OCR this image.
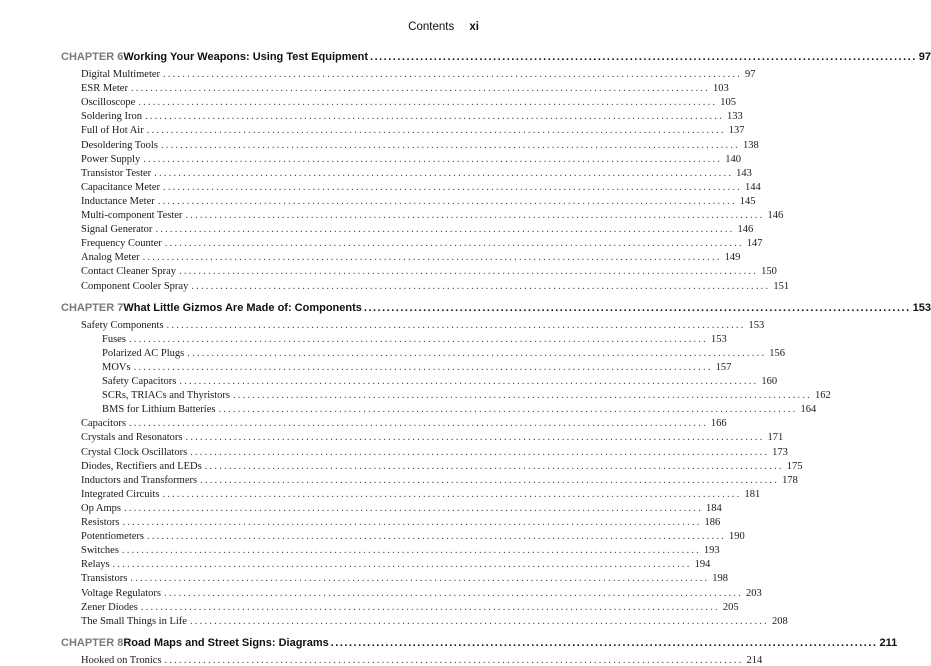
Contents xi
CHAPTER 6 Working Your Weapons: Using Test Equipment ........................................................................................................................ 97
Digital Multimeter ........................................................................................................................ 97
ESR Meter ........................................................................................................................ 103
Oscilloscope ........................................................................................................................ 105
Soldering Iron ........................................................................................................................ 133
Full of Hot Air ........................................................................................................................ 137
Desoldering Tools ........................................................................................................................ 138
Power Supply ........................................................................................................................ 140
Transistor Tester ........................................................................................................................ 143
Capacitance Meter ........................................................................................................................ 144
Inductance Meter ........................................................................................................................ 145
Multi-component Tester ........................................................................................................................ 146
Signal Generator ........................................................................................................................ 146
Frequency Counter ........................................................................................................................ 147
Analog Meter ........................................................................................................................ 149
Contact Cleaner Spray ........................................................................................................................ 150
Component Cooler Spray ........................................................................................................................ 151
CHAPTER 7 What Little Gizmos Are Made of: Components ........................................................................................................................ 153
Safety Components ........................................................................................................................ 153
Fuses ........................................................................................................................ 153
Polarized AC Plugs ........................................................................................................................ 156
MOVs ........................................................................................................................ 157
Safety Capacitors ........................................................................................................................ 160
SCRs, TRIACs and Thyristors ........................................................................................................................ 162
BMS for Lithium Batteries ........................................................................................................................ 164
Capacitors ........................................................................................................................ 166
Crystals and Resonators ........................................................................................................................ 171
Crystal Clock Oscillators ........................................................................................................................ 173
Diodes, Rectifiers and LEDs ........................................................................................................................ 175
Inductors and Transformers ........................................................................................................................ 178
Integrated Circuits ........................................................................................................................ 181
Op Amps ........................................................................................................................ 184
Resistors ........................................................................................................................ 186
Potentiometers ........................................................................................................................ 190
Switches ........................................................................................................................ 193
Relays ........................................................................................................................ 194
Transistors ........................................................................................................................ 198
Voltage Regulators ........................................................................................................................ 203
Zener Diodes ........................................................................................................................ 205
The Small Things in Life ........................................................................................................................ 208
CHAPTER 8 Road Maps and Street Signs: Diagrams ........................................................................................................................ 211
Hooked on Tronics ........................................................................................................................ 214
